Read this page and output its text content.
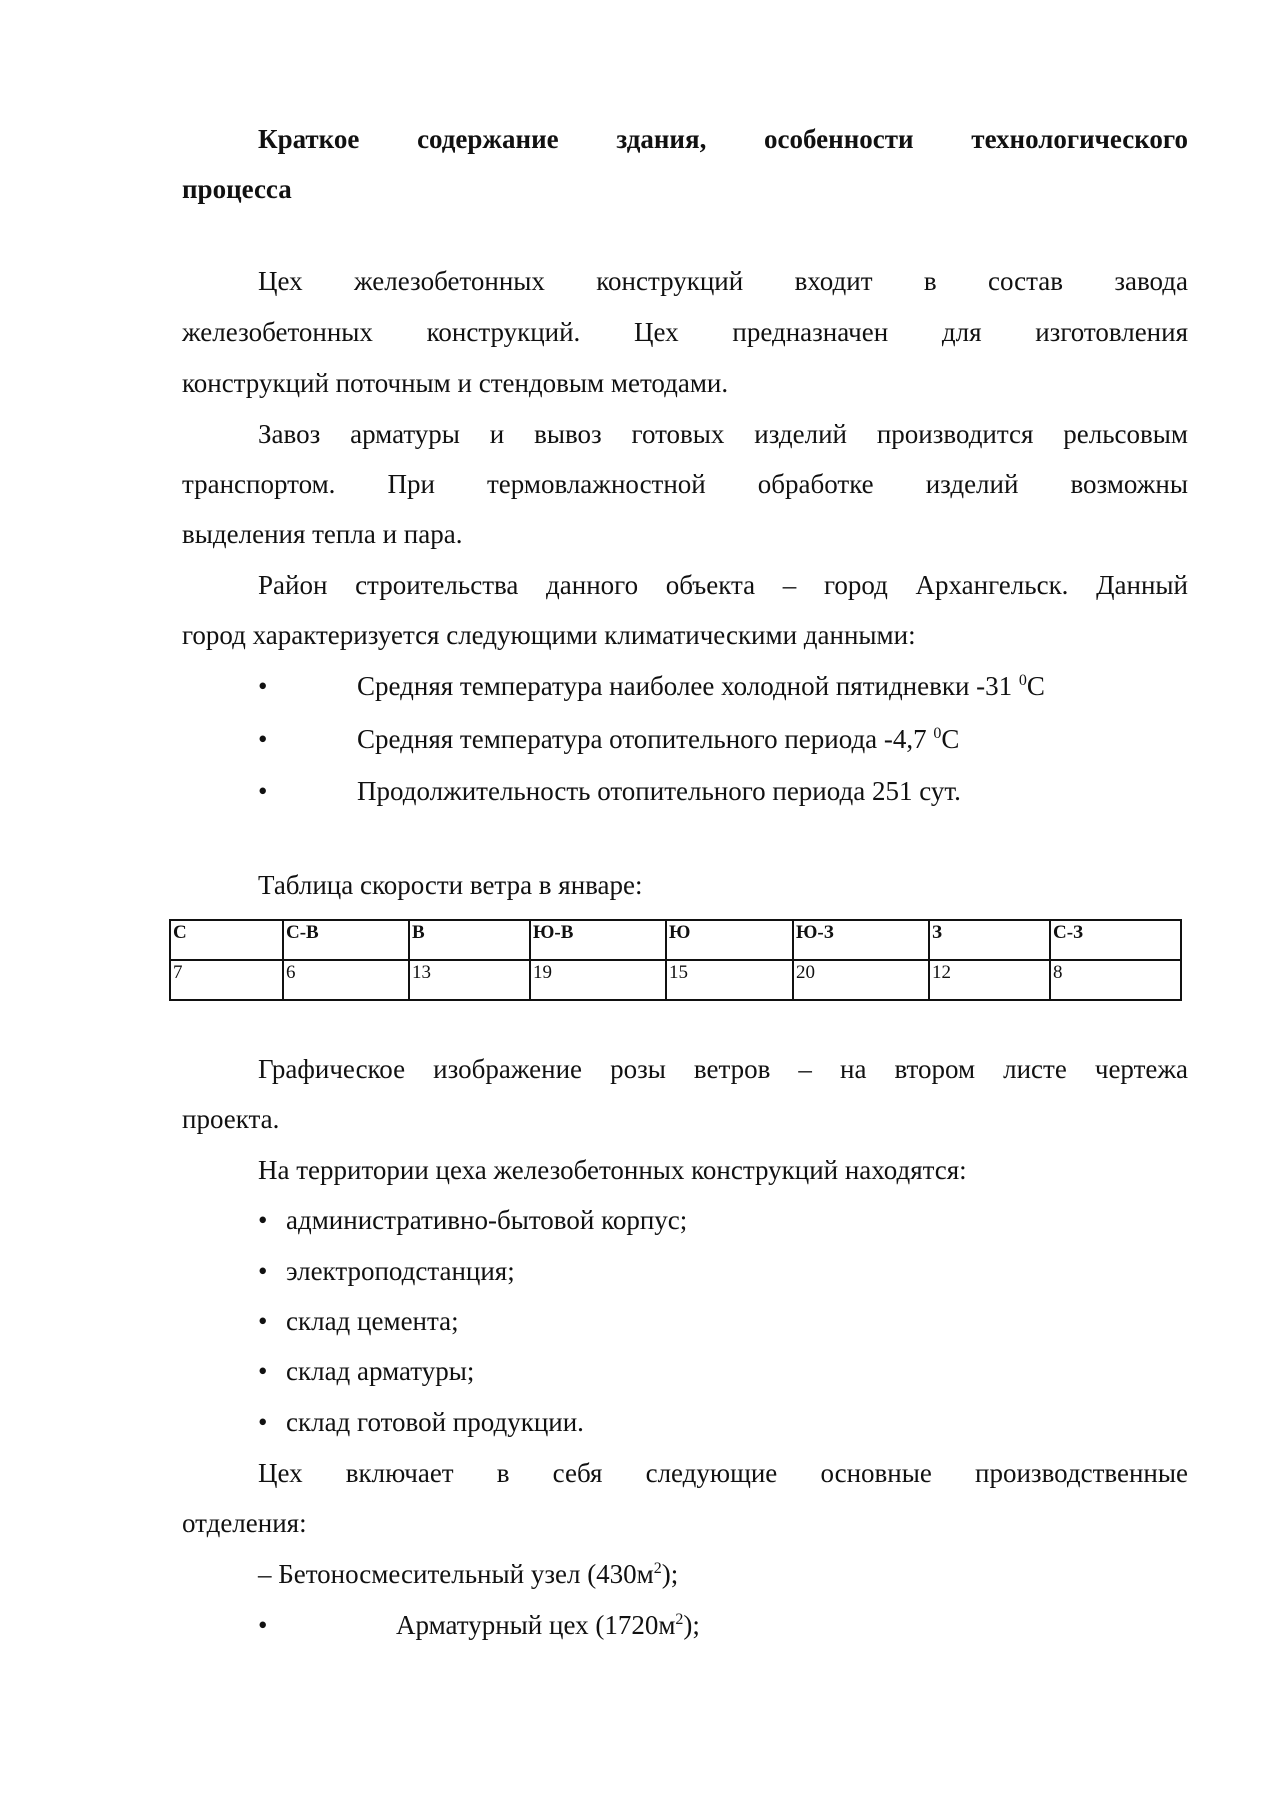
Краткое содержание здания, особенности технологического

процесса

Цех железобетонных конструкций входит в состав завода

железобетонных конструкций. Цех предназначен для изготовления

конструкций поточным и стендовым методами.

Завоз арматуры и вывоз готовых изделий производится рельсовым

транспортом. При термовлажностной обработке изделий возможны

выделения тепла и пара.

Район строительства данного объекта – город Архангельск. Данный

город характеризуется следующими климатическими данными:

•	Средняя температура наиболее холодной пятидневки -31 $^0$С
•	Средняя температура отопительного периода -4,7 $^0$С
•	Продолжительность отопительного периода 251 сут.

Таблица скорости ветра в январе:

С	С-В	В	Ю-В	Ю	Ю-З	З	С-З
7	6	13	19	15	20	12	8

Графическое изображение розы ветров – на втором листе чертежа

проекта.

На территории цеха железобетонных конструкций находятся:

• административно-бытовой корпус;
• электроподстанция;
• склад цемента;
• склад арматуры;
• склад готовой продукции.

Цех включает в себя следующие основные производственные

отделения:

– Бетоносмесительный узел $(430м^2)$;
•	Арматурный цех $(1720м^2)$;
